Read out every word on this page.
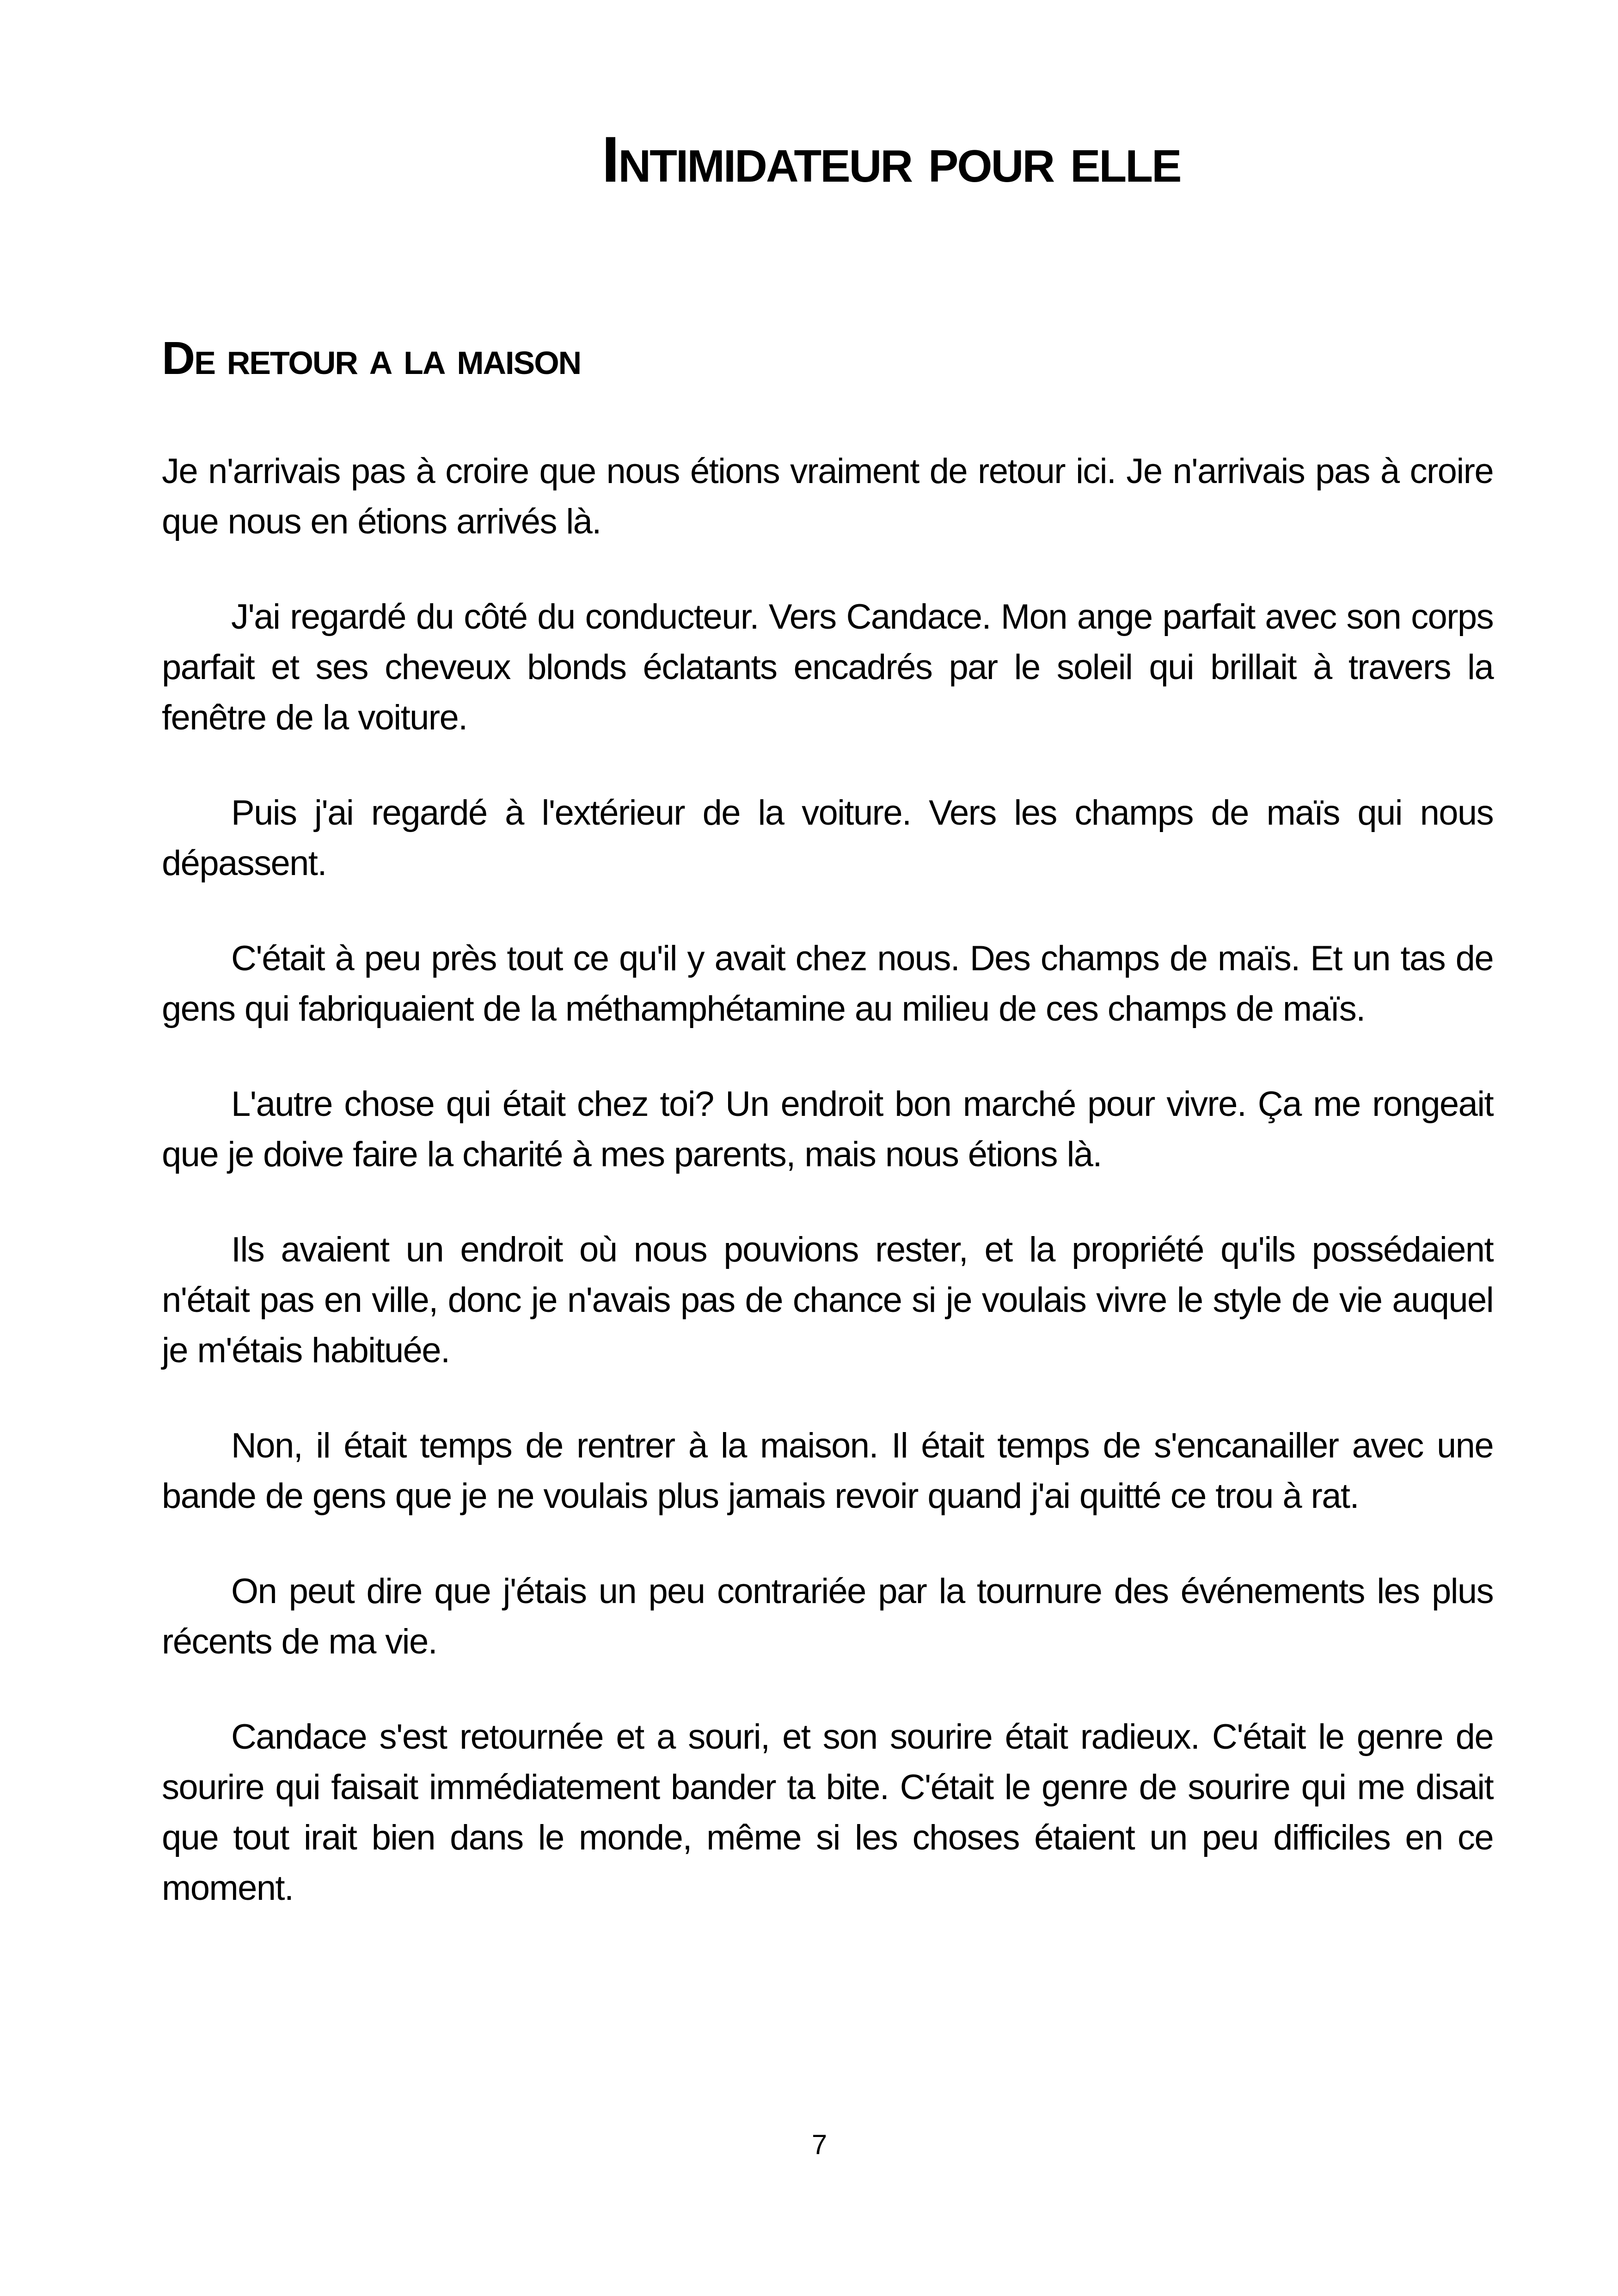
Intimidateur pour elle
De retour a la maison

Je n'arrivais pas à croire que nous étions vraiment de retour ici. Je n'arrivais pas à croire que nous en étions arrivés là.

J'ai regardé du côté du conducteur. Vers Candace. Mon ange parfait avec son corps parfait et ses cheveux blonds éclatants encadrés par le soleil qui brillait à travers la fenêtre de la voiture.

Puis j'ai regardé à l'extérieur de la voiture. Vers les champs de maïs qui nous dépassent.

C'était à peu près tout ce qu'il y avait chez nous. Des champs de maïs. Et un tas de gens qui fabriquaient de la méthamphétamine au milieu de ces champs de maïs.

L'autre chose qui était chez toi? Un endroit bon marché pour vivre. Ça me rongeait que je doive faire la charité à mes parents, mais nous étions là.

Ils avaient un endroit où nous pouvions rester, et la propriété qu'ils possédaient n'était pas en ville, donc je n'avais pas de chance si je voulais vivre le style de vie auquel je m'étais habituée.

Non, il était temps de rentrer à la maison. Il était temps de s'encanailler avec une bande de gens que je ne voulais plus jamais revoir quand j'ai quitté ce trou à rat.

On peut dire que j'étais un peu contrariée par la tournure des événements les plus récents de ma vie.

Candace s'est retournée et a souri, et son sourire était radieux. C'était le genre de sourire qui faisait immédiatement bander ta bite. C'était le genre de sourire qui me disait que tout irait bien dans le monde, même si les choses étaient un peu difficiles en ce moment.

7
